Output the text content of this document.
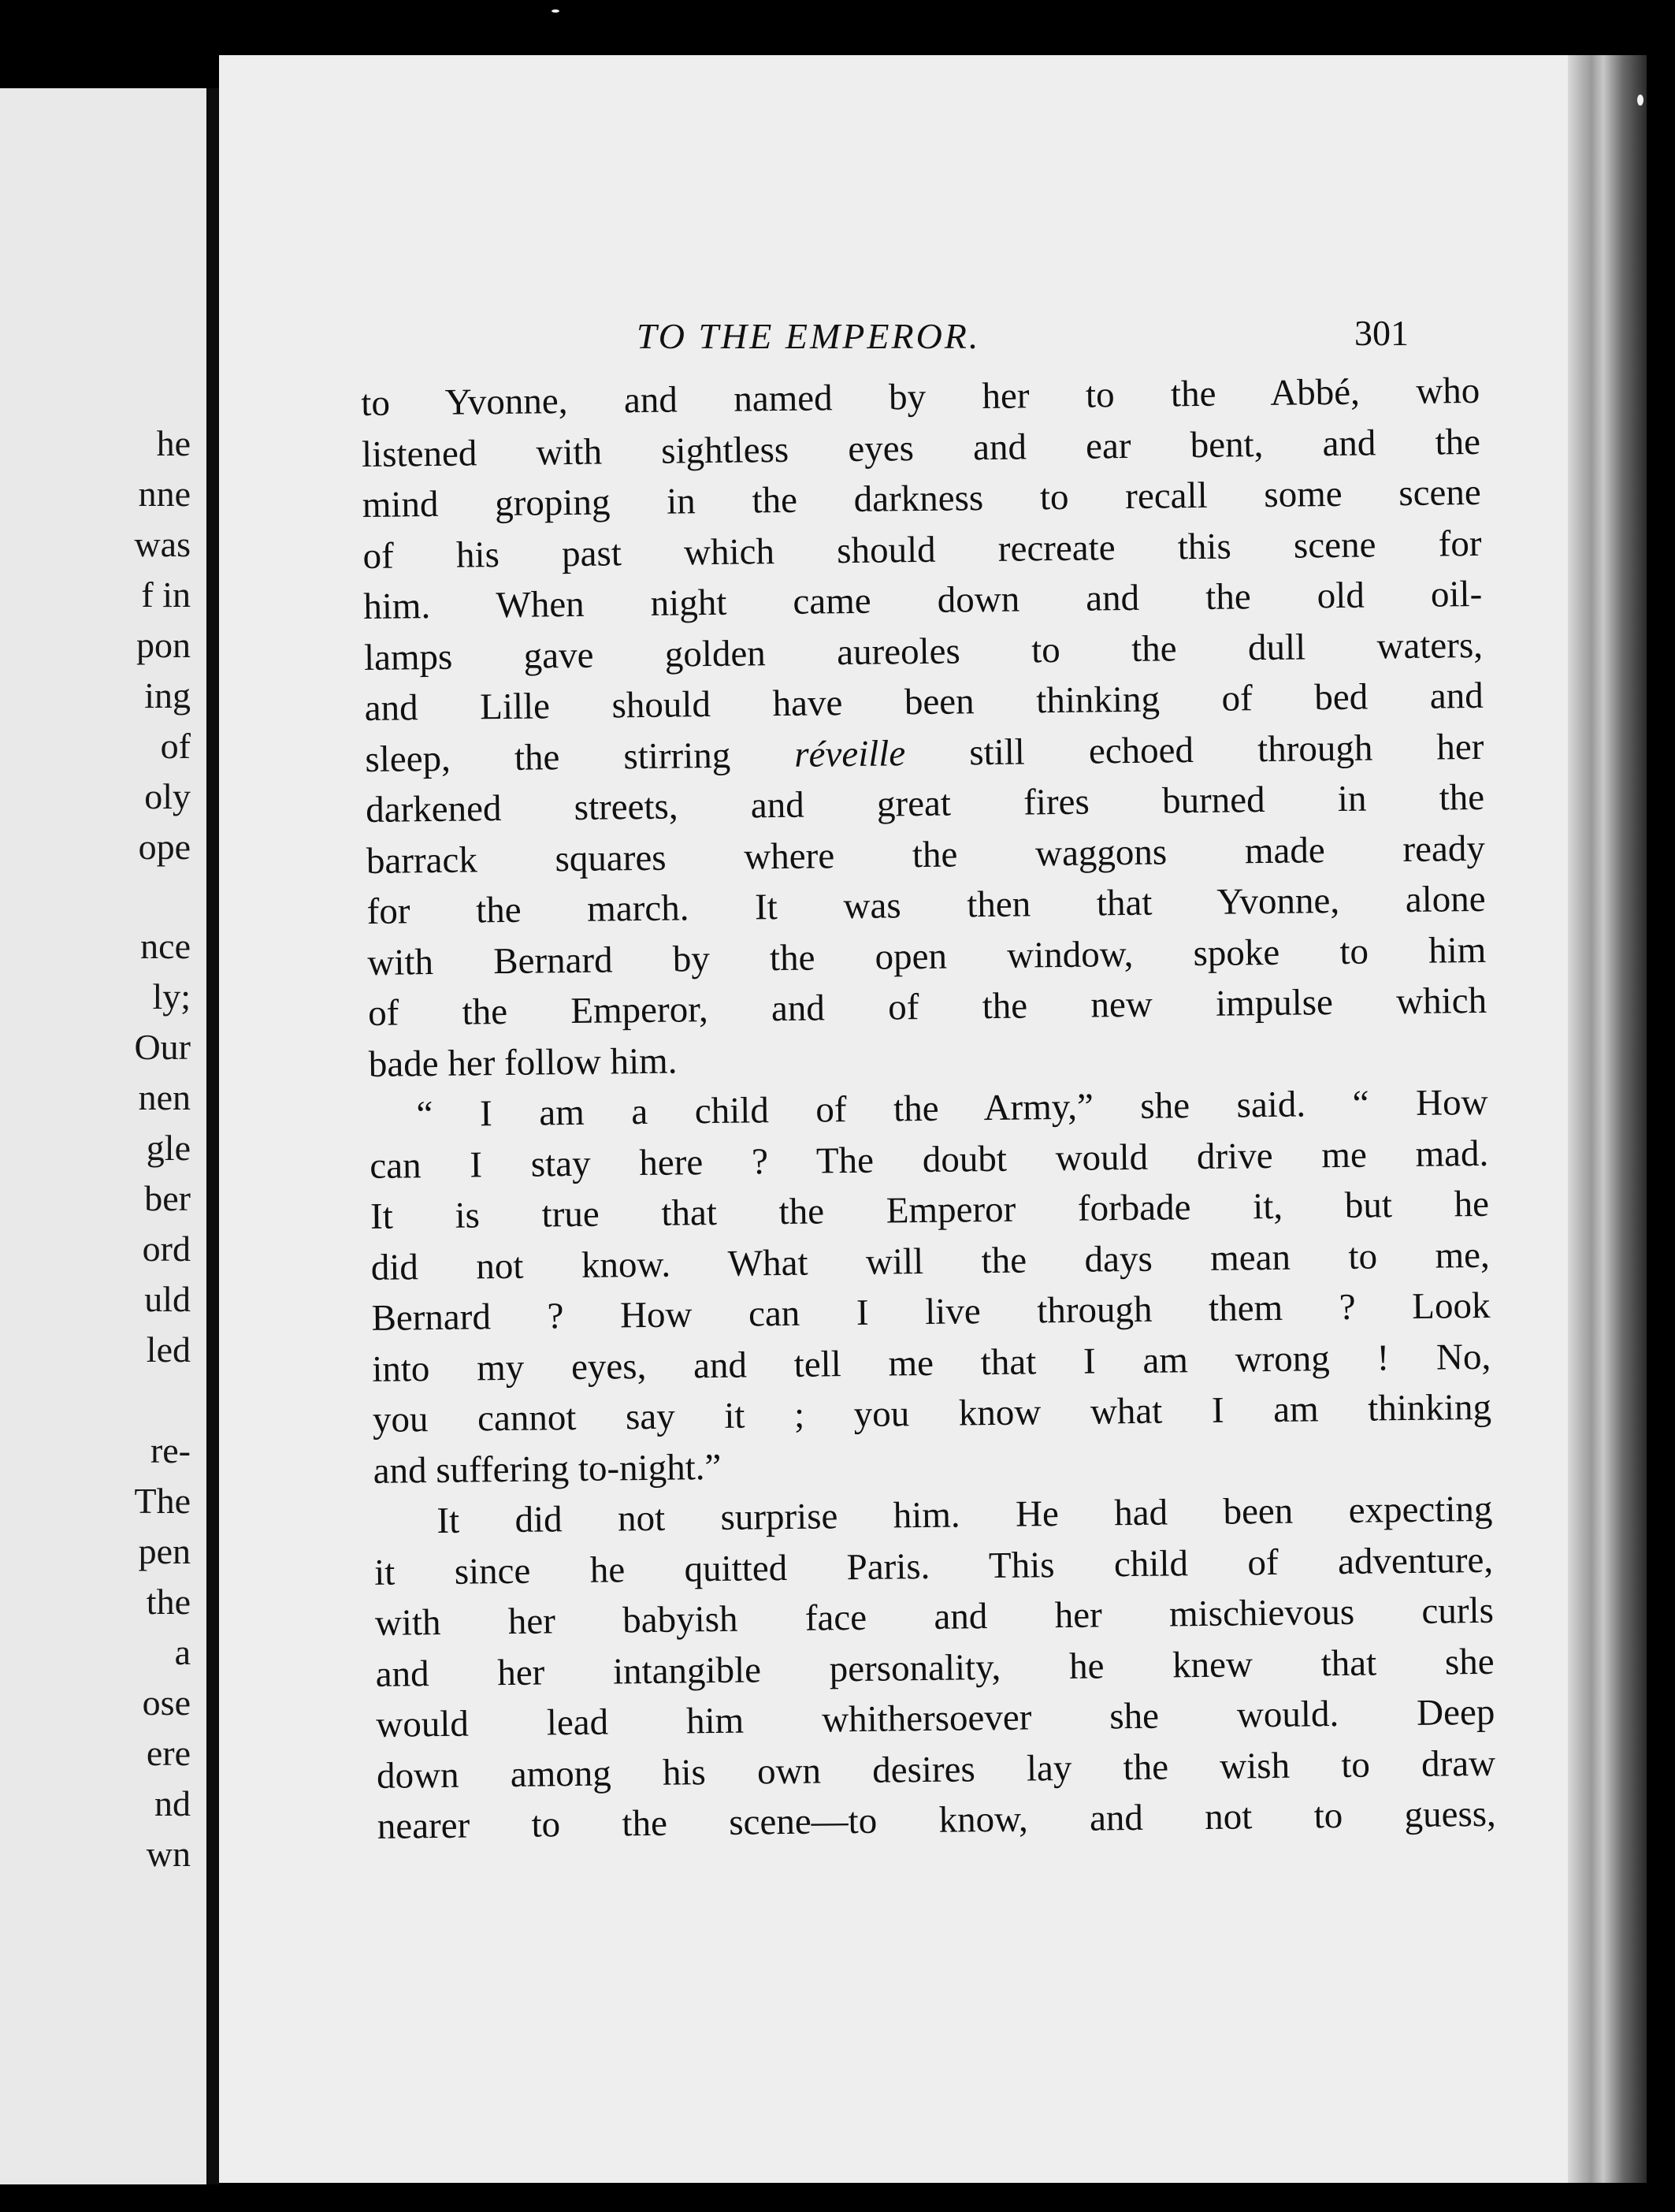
he
nne
was
f in
pon
ing
of
oly
ope
nce
ly;
Our
nen
gle
ber
ord
uld
led
re-
The
pen
the
a
ose
ere
nd
wn
TO THE EMPEROR.	301

to Yvonne, and named by her to the Abbé, who
listened with sightless eyes and ear bent, and the
mind groping in the darkness to recall some scene
of his past which should recreate this scene for
him. When night came down and the old oil-
lamps gave golden aureoles to the dull waters,
and Lille should have been thinking of bed and
sleep, the stirring réveille still echoed through her
darkened streets, and great fires burned in the
barrack squares where the waggons made ready
for the march. It was then that Yvonne, alone
with Bernard by the open window, spoke to him
of the Emperor, and of the new impulse which
bade her follow him.

“ I am a child of the Army,” she said. “ How
can I stay here ? The doubt would drive me mad.
It is true that the Emperor forbade it, but he
did not know. What will the days mean to me,
Bernard ? How can I live through them ? Look
into my eyes, and tell me that I am wrong ! No,
you cannot say it ; you know what I am thinking
and suffering to-night.”

It did not surprise him. He had been expecting
it since he quitted Paris. This child of adventure,
with her babyish face and her mischievous curls
and her intangible personality, he knew that she
would lead him whithersoever she would. Deep
down among his own desires lay the wish to draw
nearer to the scene—to know, and not to guess,
